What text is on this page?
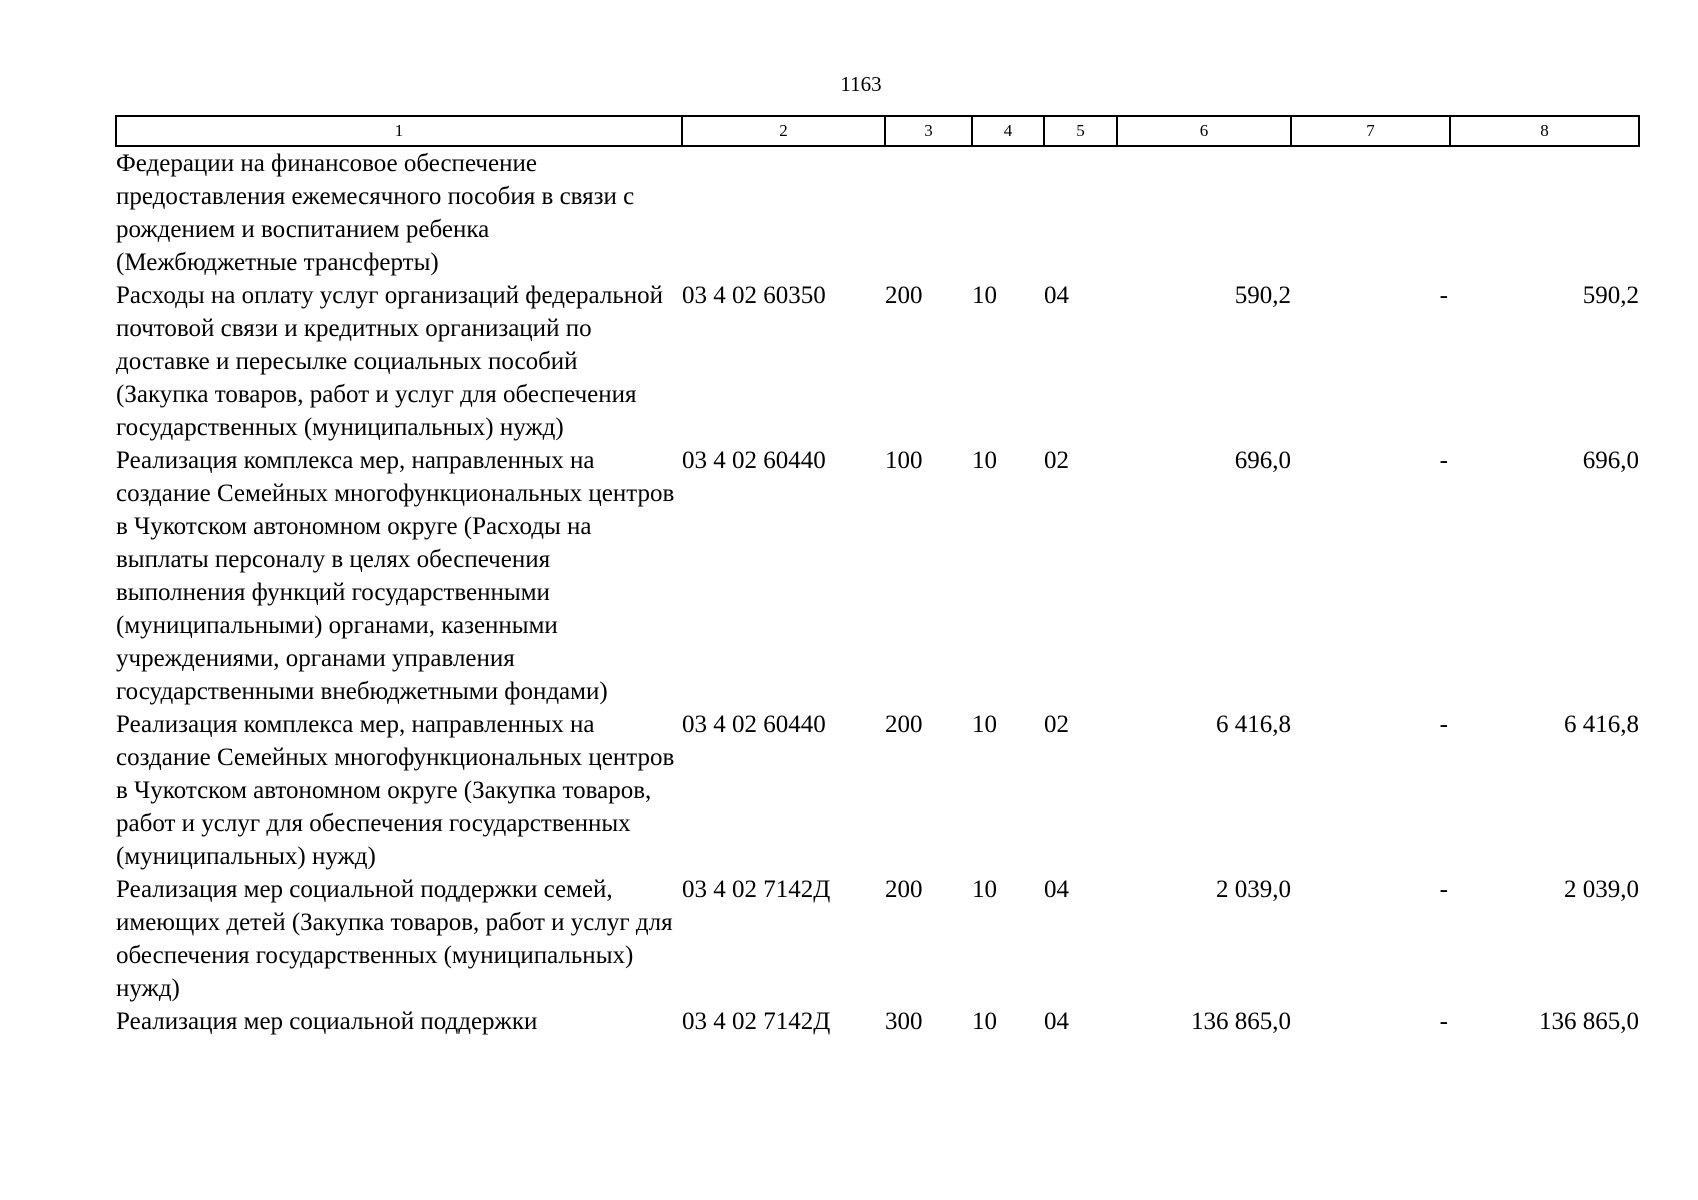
1163
1	2	3	4	5	6	7	8
Федерации на финансовое обеспечение предоставления ежемесячного пособия в связи с рождением и воспитанием ребенка (Межбюджетные трансферты)							
Расходы на оплату услуг организаций федеральной почтовой связи и кредитных организаций по доставке и пересылке социальных пособий (Закупка товаров, работ и услуг для обеспечения государственных (муниципальных) нужд)	03 4 02 60350	200	10	04	590,2	-	590,2
Реализация комплекса мер, направленных на создание Семейных многофункциональных центров в Чукотском автономном округе (Расходы на выплаты персоналу в целях обеспечения выполнения функций государственными (муниципальными) органами, казенными учреждениями, органами управления государственными внебюджетными фондами)	03 4 02 60440	100	10	02	696,0	-	696,0
Реализация комплекса мер, направленных на создание Семейных многофункциональных центров в Чукотском автономном округе (Закупка товаров, работ и услуг для обеспечения государственных (муниципальных) нужд)	03 4 02 60440	200	10	02	6 416,8	-	6 416,8
Реализация мер социальной поддержки семей, имеющих детей (Закупка товаров, работ и услуг для обеспечения государственных (муниципальных) нужд)	03 4 02 7142Д	200	10	04	2 039,0	-	2 039,0
Реализация мер социальной поддержки	03 4 02 7142Д	300	10	04	136 865,0	-	136 865,0
